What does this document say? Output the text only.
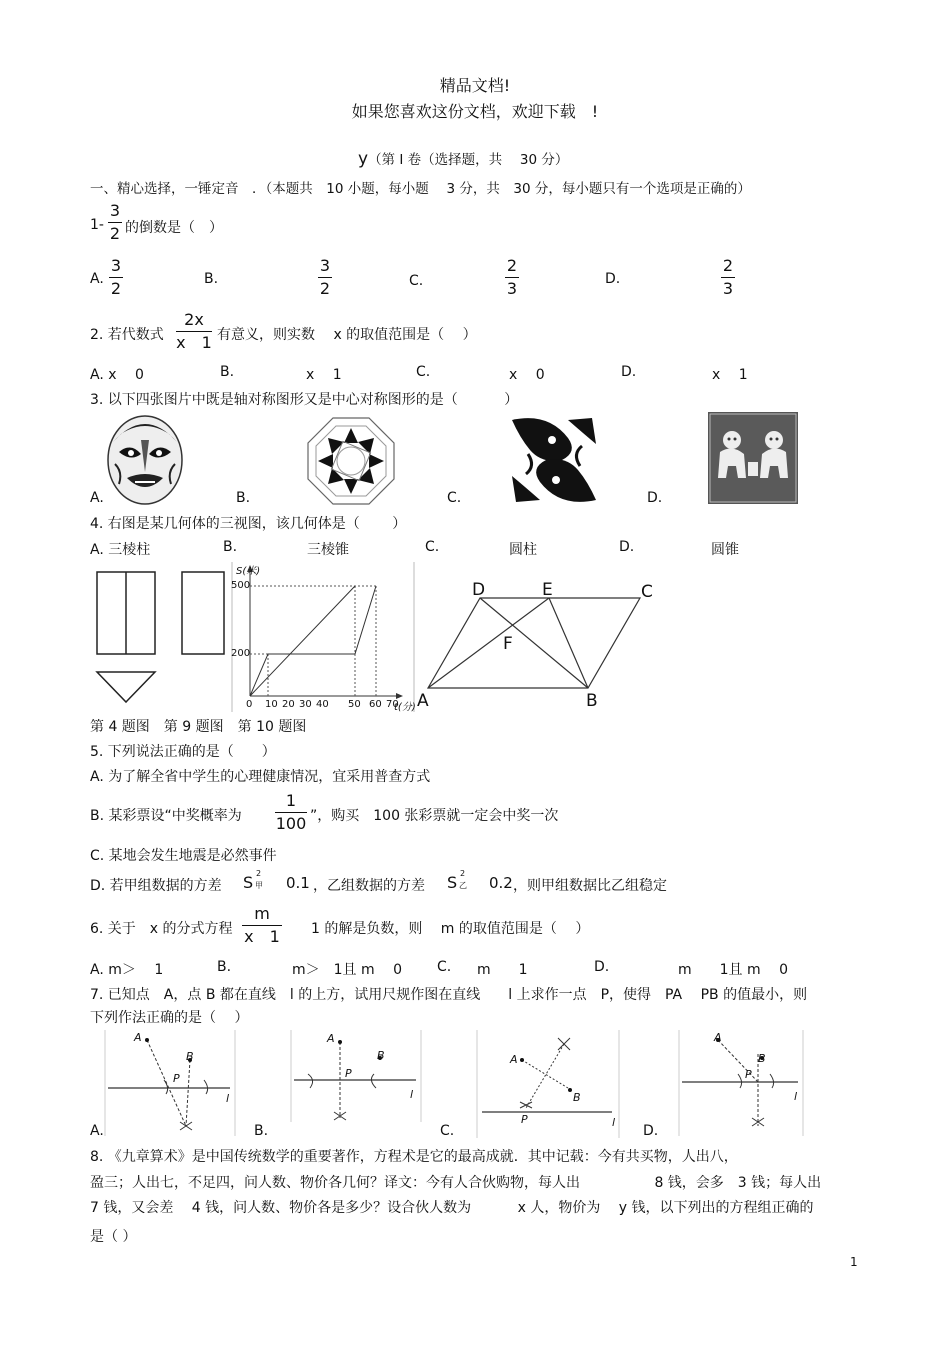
精品文档!
如果您喜欢这份文档，欢迎下载　!
y（第 I 卷（选择题，共　 30 分）
一、精心选择，一锤定音　．（本题共　10 小题，每小题　 3 分，共　30 分，每小题只有一个选项是正确的）
1-
3
2 的倒数是（　）
A.
3
2	B.
3
2	C.
2
3	D.
2
3
2. 若代数式
2x
x　1 有意义，则实数　 x 的取值范围是（　 ）
A. x　 0	B.	x　 1	C.	x　 0	D.	x　 1
3. 以下四张图片中既是轴对称图形又是中心对称图形的是（　　　 ）
A.	B.	C.	D.
4. 右图是某几何体的三视图，该几何体是（　　 ）
A. 三棱柱	B.	三棱锥	C.	圆柱	D.	圆锥
S(米)
500
200
0 10 20 30 40 50 60 70
t(分)
D	E	C
F
A	B
第 4 题图　第 9 题图　第 10 题图
5. 下列说法正确的是（　　）
A. 为了解全省中学生的心理健康情况，宜采用普查方式
B. 某彩票设“中奖概率为
1
100 ”，购买　100 张彩票就一定会中奖一次
C. 某地会发生地震是必然事件
D. 若甲组数据的方差 S 2
甲 0.1 ，乙组数据的方差 S 2
乙 0.2 ，则甲组数据比乙组稳定
6. 关于　x 的分式方程
m
x　1 1 的解是负数，则　 m 的取值范围是（　 ）
A. m＞　 1	B.	m＞　1且 m　 0	C. m　　1	D.	m　　1且 m　 0
7. 已知点　A，点 B 都在直线　l 的上方，试用尺规作图在直线　　l 上求作一点　P，使得　PA　 PB 的值最小，则
下列作法正确的是（　 ）
A
B
P
l
A
B
P
l
A
B
P	l
A
B
P
l
A.	B.	C.	D.
8. 《九章算术》是中国传统数学的重要著作，方程术是它的最高成就．其中记载：今有共买物，人出八，
盈三；人出七，不足四，问人数、物价各几何？译文：今有人合伙购物，每人出　　　　　 8 钱，会多　3 钱；每人出
7 钱，又会差　 4 钱，问人数、物价各是多少？设合伙人数为　　　 x 人，物价为　 y 钱，以下列出的方程组正确的
是（ ）
1
